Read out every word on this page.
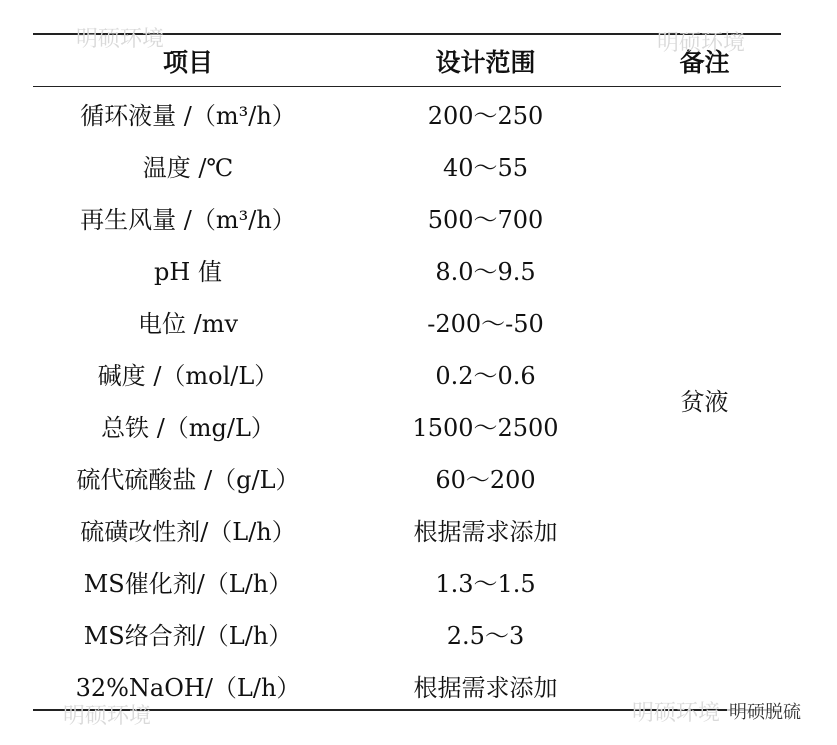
项目	设计范围	备注
循环液量 /（m³/h）	200～250	贫液
温度 /℃	40～55	
再生风量 /（m³/h）	500～700	
pH 值	8.0～9.5	
电位 /mv	-200～-50	
碱度 /（mol/L）	0.2～0.6	
总铁 /（mg/L）	1500～2500	
硫代硫酸盐 /（g/L）	60～200	
硫磺改性剂/（L/h）	根据需求添加	
MS催化剂/（L/h）	1.3～1.5	
MS络合剂/（L/h）	2.5～3	
32%NaOH/（L/h）	根据需求添加	
明硕环境	明硕环境
明硕环境	明硕环境 明硕脱硫
